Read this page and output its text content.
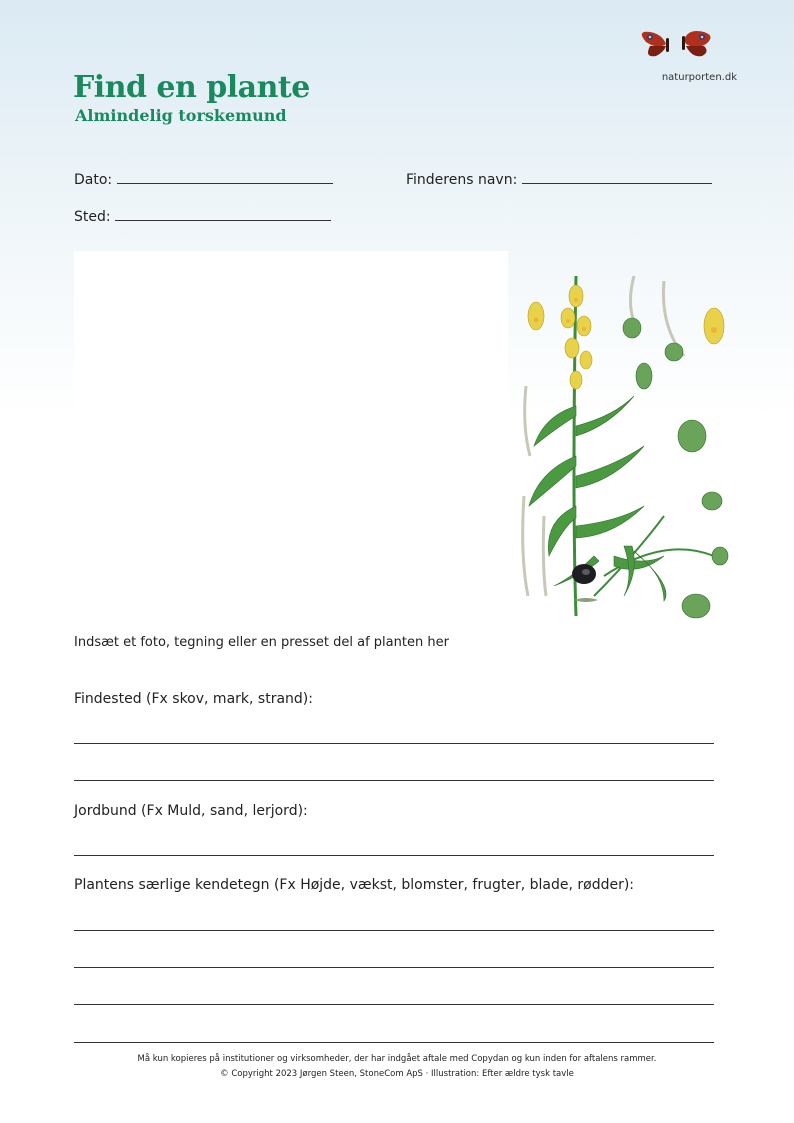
naturporten.dk
Find en plante
Almindelig torskemund
Dato:	Finderens navn:
Sted:
Indsæt et foto, tegning eller en presset del af planten her
Findested (Fx skov, mark, strand):
Jordbund (Fx Muld, sand, lerjord):
Plantens særlige kendetegn (Fx Højde, vækst, blomster, frugter, blade, rødder):
Må kun kopieres på institutioner og virksomheder, der har indgået aftale med Copydan og kun inden for aftalens rammer.
© Copyright 2023 Jørgen Steen, StoneCom ApS · Illustration: Efter ældre tysk tavle
